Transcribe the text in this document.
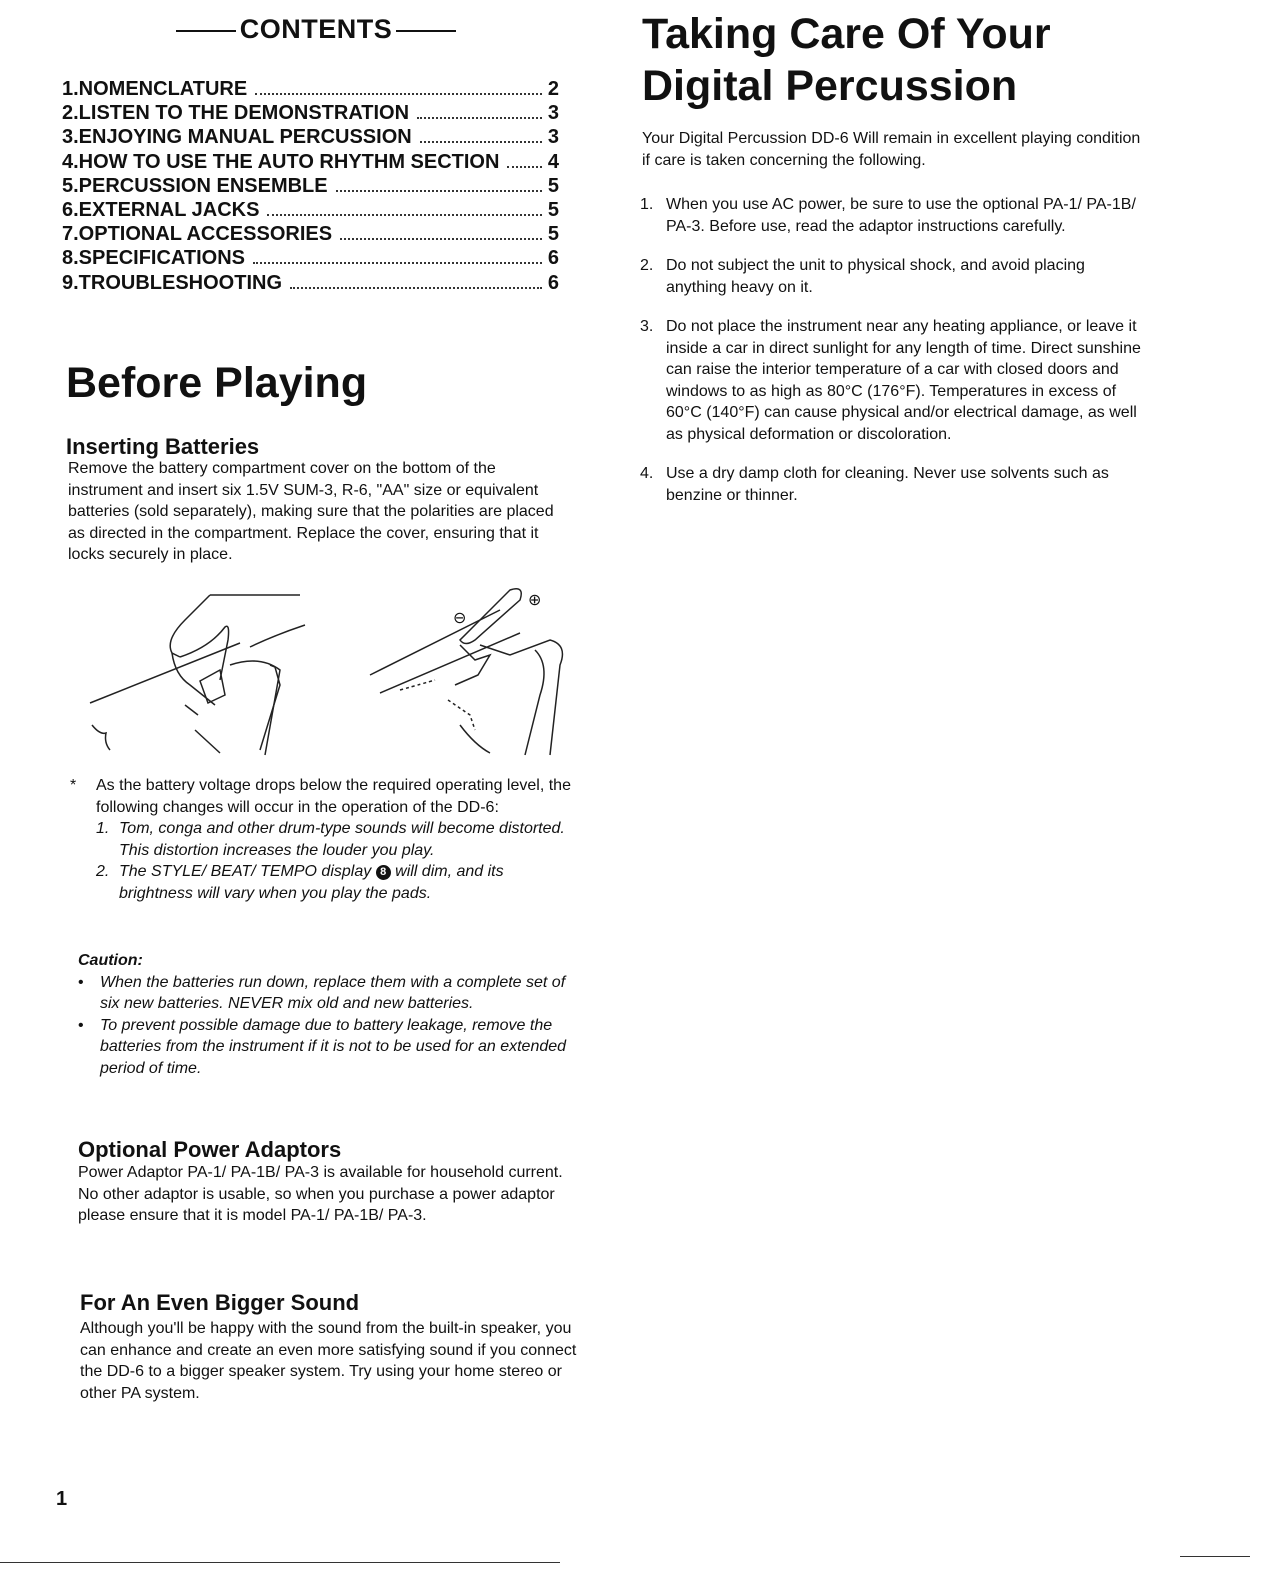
CONTENTS
1.NOMENCLATURE	2
2.LISTEN TO THE DEMONSTRATION	3
3.ENJOYING MANUAL PERCUSSION	3
4.HOW TO USE THE AUTO RHYTHM SECTION 4
5.PERCUSSION ENSEMBLE	5
6.EXTERNAL JACKS	5
7.OPTIONAL ACCESSORIES	5
8.SPECIFICATIONS	6
9.TROUBLESHOOTING	6
Before Playing
Inserting Batteries
Remove the battery compartment cover on the bottom of the instrument and insert six 1.5V SUM-3, R-6, "AA" size or equivalent batteries (sold separately), making sure that the polarities are placed as directed in the compartment. Replace the cover, ensuring that it locks securely in place.
⊖
⊕
*	As the battery voltage drops below the required operating level, the following changes will occur in the operation of the DD-6:
1. Tom, conga and other drum-type sounds will become distorted. This distortion increases the louder you play.
2. The STYLE/ BEAT/ TEMPO display 8 will dim, and its brightness will vary when you play the pads.
Caution:
•	When the batteries run down, replace them with a complete set of six new batteries. NEVER mix old and new batteries.
•	To prevent possible damage due to battery leakage, remove the batteries from the instrument if it is not to be used for an extended period of time.
Optional Power Adaptors
Power Adaptor PA-1/ PA-1B/ PA-3 is available for household current. No other adaptor is usable, so when you purchase a power adaptor please ensure that it is model PA-1/ PA-1B/ PA-3.
For An Even Bigger Sound
Although you'll be happy with the sound from the built-in speaker, you can enhance and create an even more satisfying sound if you connect the DD-6 to a bigger speaker system. Try using your home stereo or other PA system.
1
Taking Care Of Your
Digital Percussion
Your Digital Percussion DD-6 Will remain in excellent playing condition if care is taken concerning the following.
1. When you use AC power, be sure to use the optional PA-1/ PA-1B/ PA-3. Before use, read the adaptor instructions carefully.
2. Do not subject the unit to physical shock, and avoid placing anything heavy on it.
3. Do not place the instrument near any heating appliance, or leave it inside a car in direct sunlight for any length of time. Direct sunshine can raise the interior temperature of a car with closed doors and windows to as high as 80°C (176°F). Temperatures in excess of 60°C (140°F) can cause physical and/or electrical damage, as well as physical deformation or discoloration.
4. Use a dry damp cloth for cleaning. Never use solvents such as benzine or thinner.
